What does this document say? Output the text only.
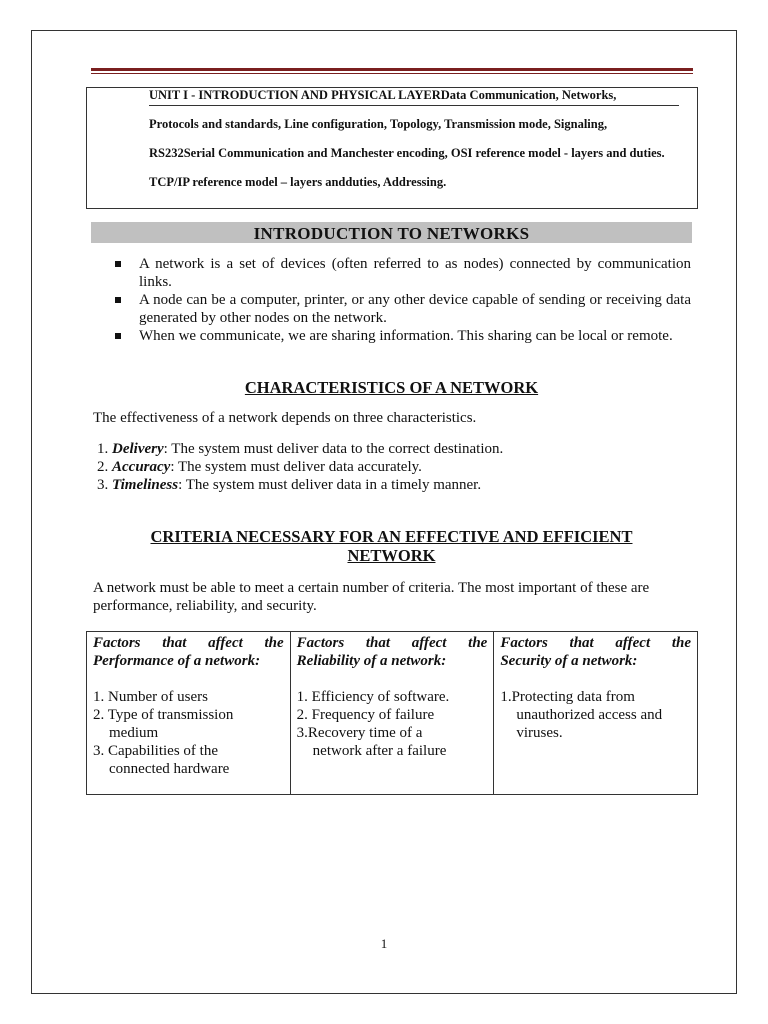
UNIT I - INTRODUCTION AND PHYSICAL LAYERData Communication, Networks,
Protocols and standards, Line configuration, Topology, Transmission mode, Signaling,
RS232Serial Communication and Manchester encoding, OSI reference model - layers and duties.
TCP/IP reference model – layers andduties, Addressing.
INTRODUCTION TO NETWORKS
A network is a set of devices (often referred to as nodes) connected by communication links.
A node can be a computer, printer, or any other device capable of sending or receiving data generated by other nodes on the network.
When we communicate, we are sharing information. This sharing can be local or remote.
CHARACTERISTICS OF A NETWORK
The effectiveness of a network depends on three characteristics.
1. Delivery: The system must deliver data to the correct destination.
2. Accuracy: The system must deliver data accurately.
3. Timeliness: The system must deliver data in a timely manner.
CRITERIA NECESSARY FOR AN EFFECTIVE AND EFFICIENT
NETWORK
A network must be able to meet a certain number of criteria. The most important of these are performance, reliability, and security.
Factors that affect the
Performance of a network:
1. Number of users
2. Type of transmission
medium
3. Capabilities of the
connected hardware
Factors that affect the
Reliability of a network:
1. Efficiency of software.
2. Frequency of failure
3.Recovery time of a
network after a failure
Factors that affect the
Security of a network:
1.Protecting data from
unauthorized access and
viruses.
1
